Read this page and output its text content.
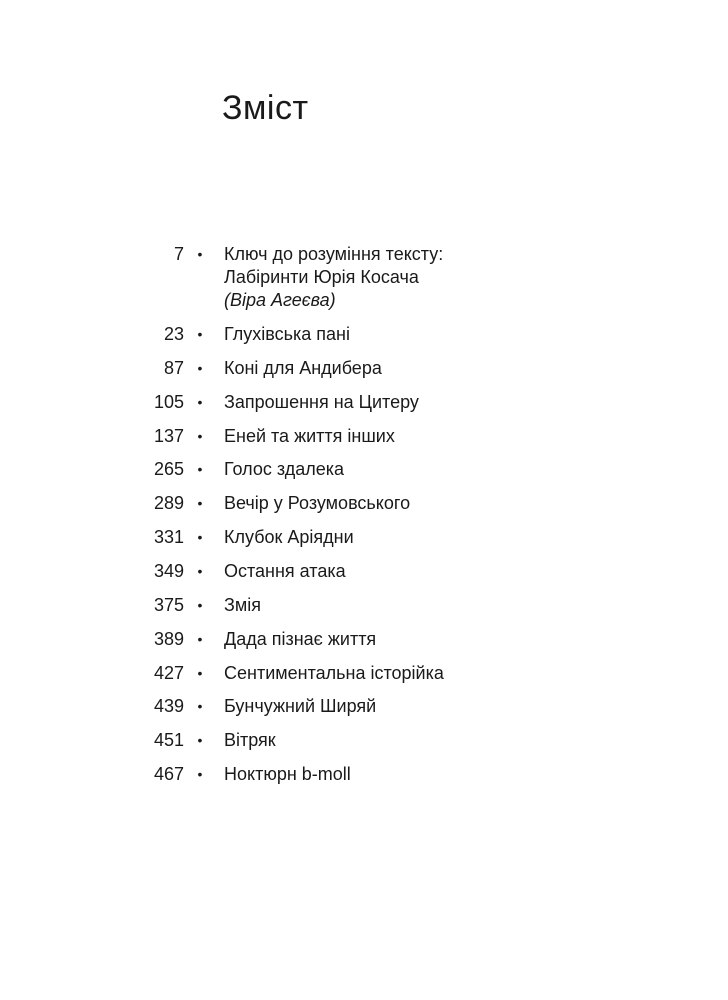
Зміст
7 • Ключ до розуміння тексту:
Лабіринти Юрія Косача
(Віра Агеєва)
23 • Глухівська пані
87 • Коні для Андибера
105 • Запрошення на Цитеру
137 • Еней та життя інших
265 • Голос здалека
289 • Вечір у Розумовського
331 • Клубок Аріядни
349 • Остання атака
375 • Змія
389 • Дада пізнає життя
427 • Сентиментальна історійка
439 • Бунчужний Ширяй
451 • Вітряк
467 • Ноктюрн b-moll
